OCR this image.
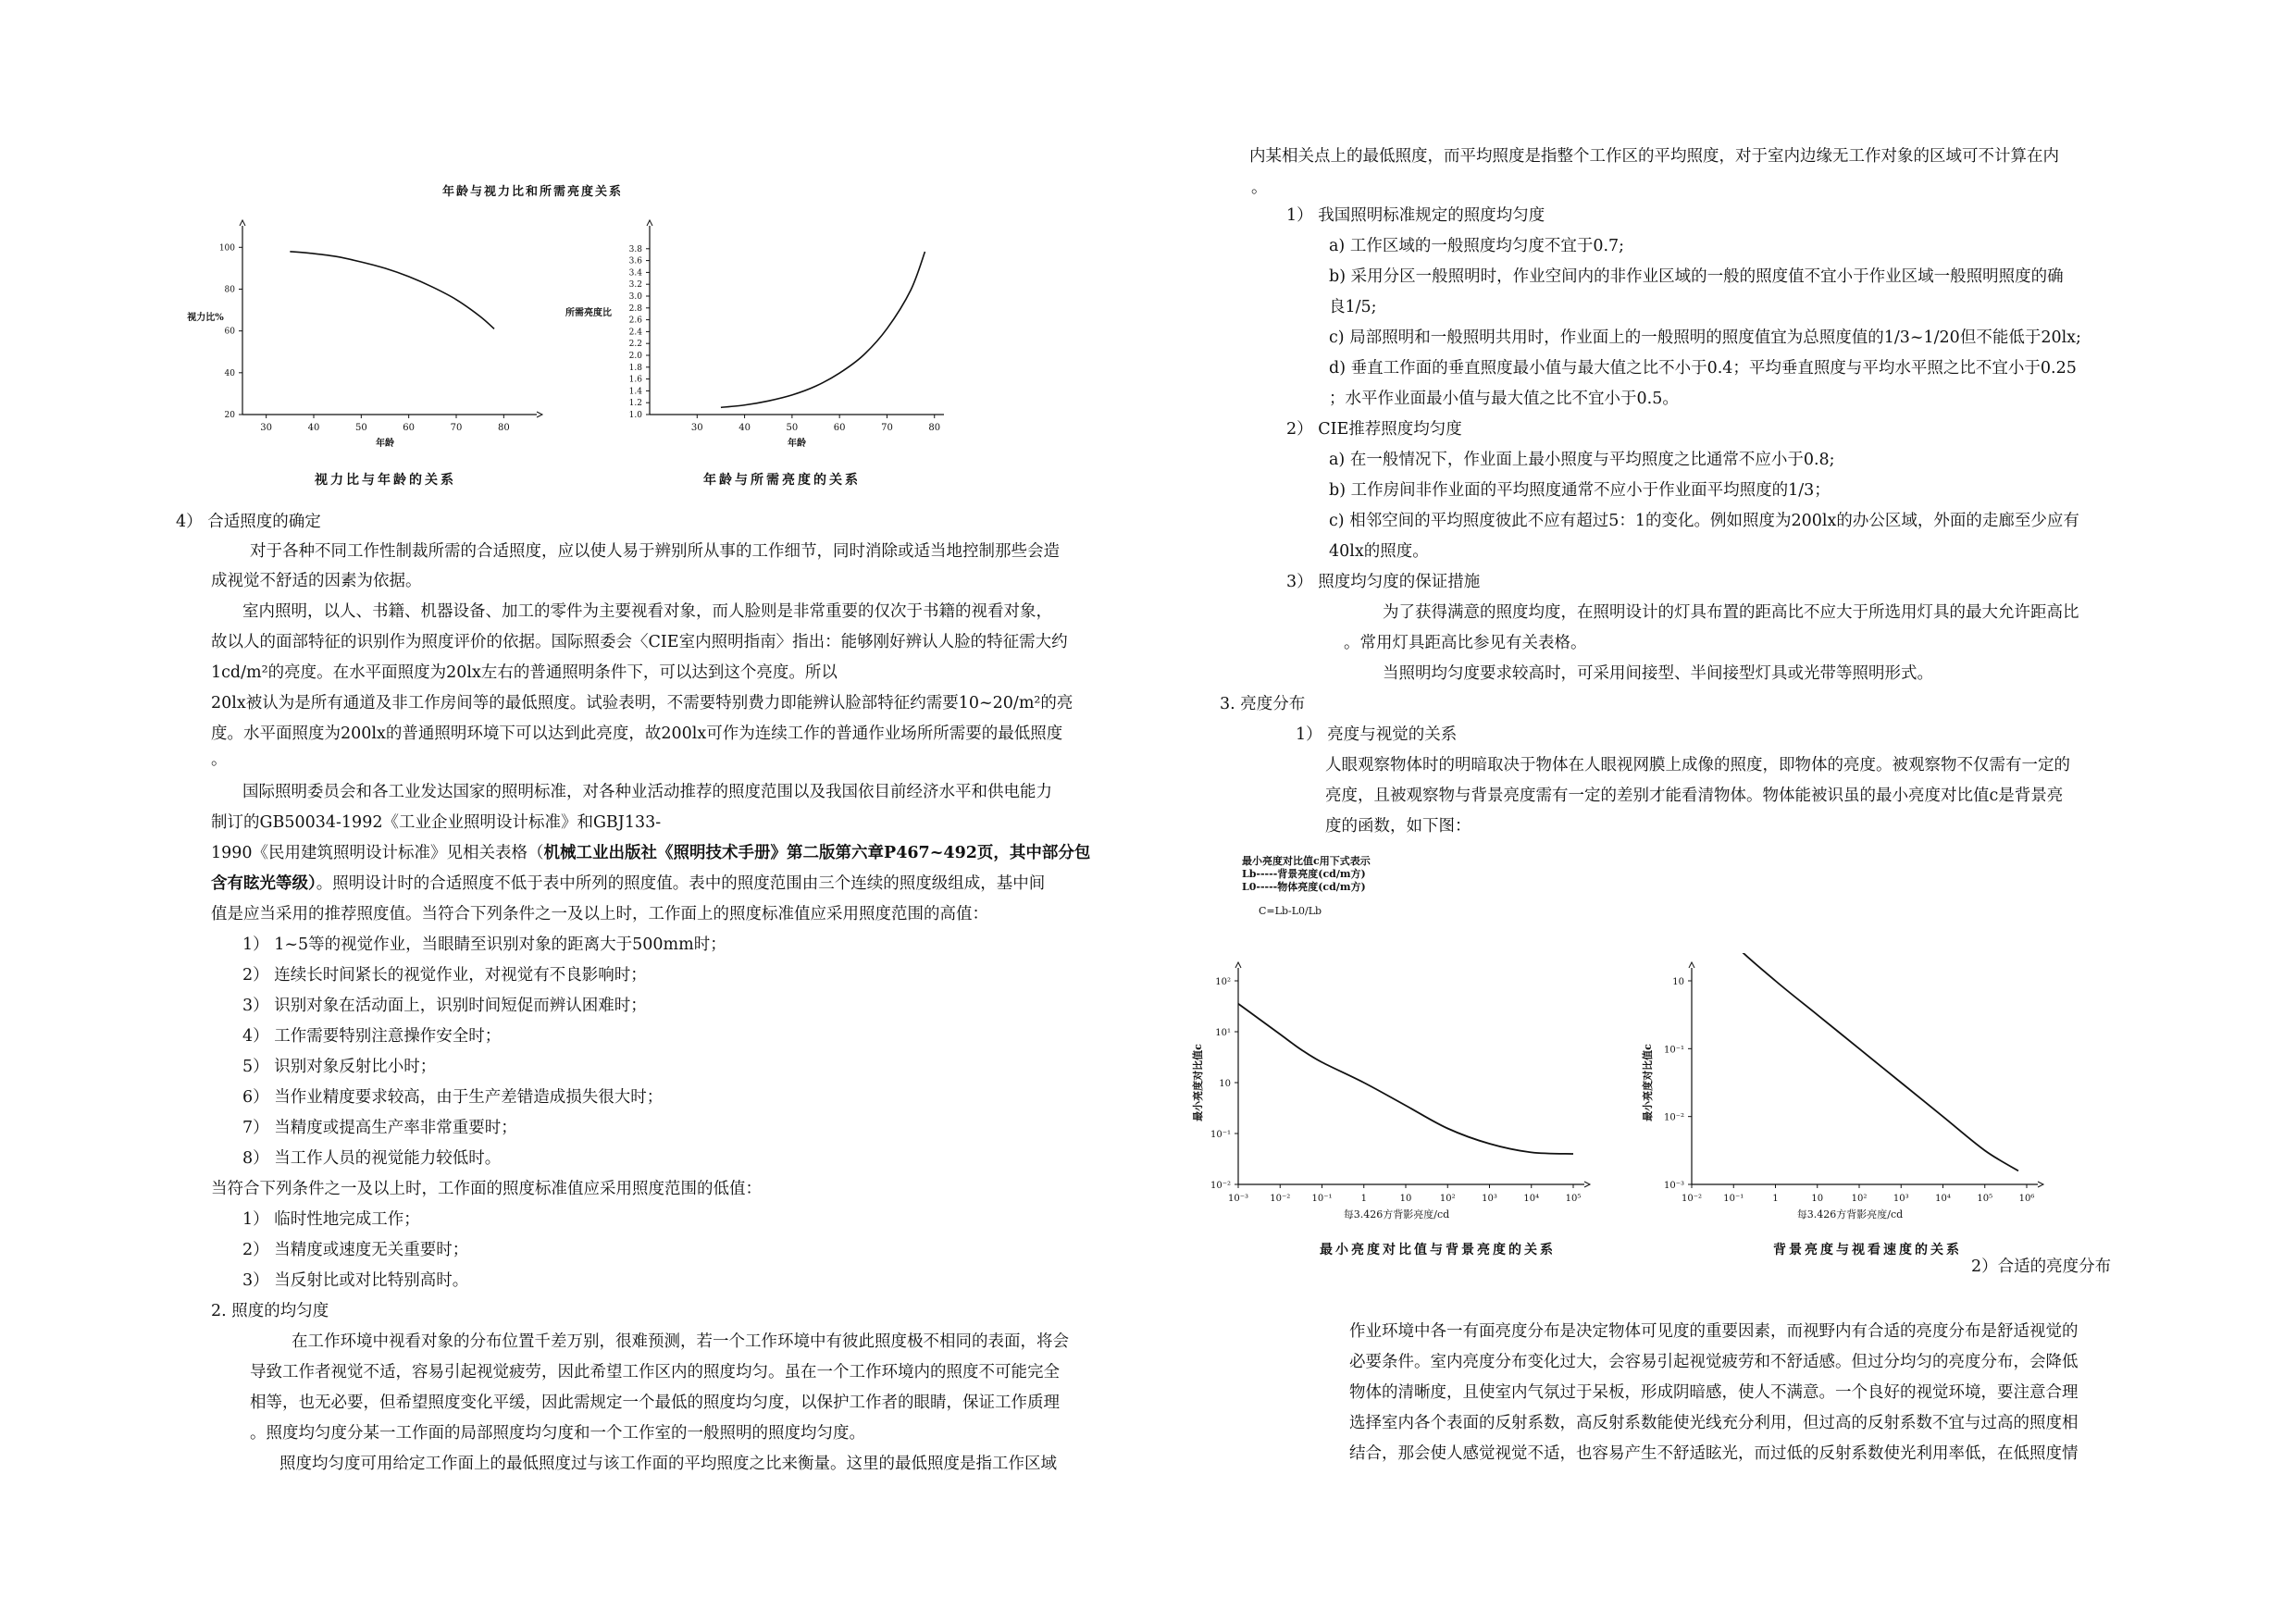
年龄与视力比和所需亮度关系
30	40	50	60	70	80
20
40
60
80
100
年龄
视力比%
视力比与年龄的关系
30	40	50	60	70	80
1.0
1.2
1.4
1.6
1.8
2.0
2.2
2.4
2.6
2.8
3.0
3.2
3.4
3.6
3.8
年龄
所需亮度比
年龄与所需亮度的关系
4） 合适照度的确定
对于各种不同工作性制裁所需的合适照度，应以使人易于辨别所从事的工作细节，同时消除或适当地控制那些会造
成视觉不舒适的因素为依据。
室内照明，以人、书籍、机器设备、加工的零件为主要视看对象，而人脸则是非常重要的仅次于书籍的视看对象，
故以人的面部特征的识别作为照度评价的依据。国际照委会〈CIE室内照明指南〉指出：能够刚好辨认人脸的特征需大约
1cd/m²的亮度。在水平面照度为20lx左右的普通照明条件下，可以达到这个亮度。所以
20lx被认为是所有通道及非工作房间等的最低照度。试验表明，不需要特别费力即能辨认脸部特征约需要10~20/m²的亮
度。水平面照度为200lx的普通照明环境下可以达到此亮度，故200lx可作为连续工作的普通作业场所所需要的最低照度
。
国际照明委员会和各工业发达国家的照明标准，对各种业活动推荐的照度范围以及我国依目前经济水平和供电能力
制订的GB50034-1992《工业企业照明设计标准》和GBJ133-
1990《民用建筑照明设计标准》见相关表格（机械工业出版社《照明技术手册》第二版第六章P467~492页，其中部分包
含有眩光等级）。照明设计时的合适照度不低于表中所列的照度值。表中的照度范围由三个连续的照度级组成，基中间
值是应当采用的推荐照度值。当符合下列条件之一及以上时，工作面上的照度标准值应采用照度范围的高值：
1） 1~5等的视觉作业，当眼睛至识别对象的距离大于500mm时；
2） 连续长时间紧长的视觉作业，对视觉有不良影响时；
3） 识别对象在活动面上，识别时间短促而辨认困难时；
4） 工作需要特别注意操作安全时；
5） 识别对象反射比小时；
6） 当作业精度要求较高，由于生产差错造成损失很大时；
7） 当精度或提高生产率非常重要时；
8） 当工作人员的视觉能力较低时。
当符合下列条件之一及以上时，工作面的照度标准值应采用照度范围的低值：
1） 临时性地完成工作；
2） 当精度或速度无关重要时；
3） 当反射比或对比特别高时。
2. 照度的均匀度
在工作环境中视看对象的分布位置千差万别，很难预测，若一个工作环境中有彼此照度极不相同的表面，将会
导致工作者视觉不适，容易引起视觉疲劳，因此希望工作区内的照度均匀。虽在一个工作环境内的照度不可能完全
相等，也无必要，但希望照度变化平缓，因此需规定一个最低的照度均匀度，以保护工作者的眼睛，保证工作质理
。照度均匀度分某一工作面的局部照度均匀度和一个工作室的一般照明的照度均匀度。
照度均匀度可用给定工作面上的最低照度过与该工作面的平均照度之比来衡量。这里的最低照度是指工作区域
内某相关点上的最低照度，而平均照度是指整个工作区的平均照度，对于室内边缘无工作对象的区域可不计算在内
。
1） 我国照明标准规定的照度均匀度
a) 工作区域的一般照度均匀度不宜于0.7;
b) 采用分区一般照明时，作业空间内的非作业区域的一般的照度值不宜小于作业区域一般照明照度的确
良1/5;
c) 局部照明和一般照明共用时，作业面上的一般照明的照度值宜为总照度值的1/3~1/20但不能低于20lx;
d) 垂直工作面的垂直照度最小值与最大值之比不小于0.4；平均垂直照度与平均水平照之比不宜小于0.25
；水平作业面最小值与最大值之比不宜小于0.5。
2） CIE推荐照度均匀度
a) 在一般情况下，作业面上最小照度与平均照度之比通常不应小于0.8;
b) 工作房间非作业面的平均照度通常不应小于作业面平均照度的1/3；
c) 相邻空间的平均照度彼此不应有超过5：1的变化。例如照度为200lx的办公区域，外面的走廊至少应有
40lx的照度。
3） 照度均匀度的保证措施
为了获得满意的照度均度，在照明设计的灯具布置的距高比不应大于所选用灯具的最大允许距高比
。常用灯具距高比参见有关表格。
当照明均匀度要求较高时，可采用间接型、半间接型灯具或光带等照明形式。
3. 亮度分布
1） 亮度与视觉的关系
人眼观察物体时的明暗取决于物体在人眼视网膜上成像的照度，即物体的亮度。被观察物不仅需有一定的
亮度，且被观察物与背景亮度需有一定的差别才能看清物体。物体能被识虽的最小亮度对比值c是背景亮
度的函数，如下图：
最小亮度对比值c用下式表示
Lb-----背景亮度(cd/m方)
L0-----物体亮度(cd/m方)
C=Lb-L0/Lb
10⁻³ 10⁻² 10⁻¹	1	10	10²	10³	10⁴	10⁵
10⁻²
10⁻¹
10
10¹
10²
每3.426方背影亮度/cd
最小亮度对比值c
最小亮度对比值与背景亮度的关系
10⁻² 10⁻¹	1	10	10²	10³	10⁴	10⁵	10⁶
10⁻³
10⁻²
10⁻¹
10
每3.426方背影亮度/cd
最小亮度对比值c
背景亮度与视看速度的关系
2）合适的亮度分布
作业环境中各一有面亮度分布是决定物体可见度的重要因素，而视野内有合适的亮度分布是舒适视觉的
必要条件。室内亮度分布变化过大，会容易引起视觉疲劳和不舒适感。但过分均匀的亮度分布，会降低
物体的清晰度，且使室内气氛过于呆板，形成阴暗感，使人不满意。一个良好的视觉环境，要注意合理
选择室内各个表面的反射系数，高反射系数能使光线充分利用，但过高的反射系数不宜与过高的照度相
结合，那会使人感觉视觉不适，也容易产生不舒适眩光，而过低的反射系数使光利用率低，在低照度情
